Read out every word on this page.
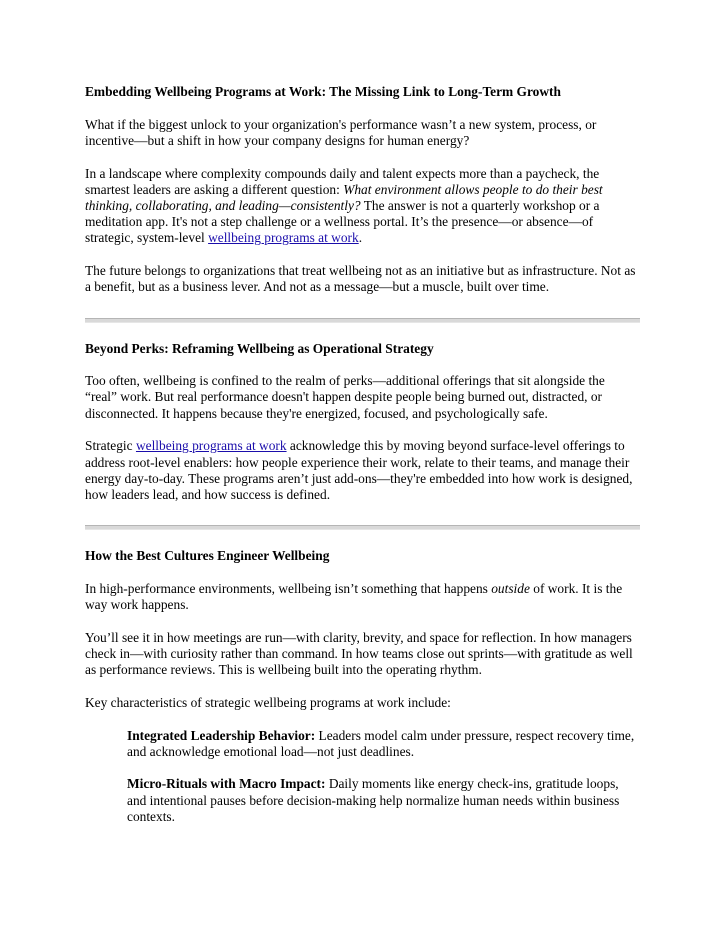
Embedding Wellbeing Programs at Work: The Missing Link to Long-Term Growth

What if the biggest unlock to your organization's performance wasn’t a new system, process, or incentive—but a shift in how your company designs for human energy?

In a landscape where complexity compounds daily and talent expects more than a paycheck, the smartest leaders are asking a different question: What environment allows people to do their best thinking, collaborating, and leading—consistently? The answer is not a quarterly workshop or a meditation app. It's not a step challenge or a wellness portal. It’s the presence—or absence—of strategic, system-level wellbeing programs at work.

The future belongs to organizations that treat wellbeing not as an initiative but as infrastructure. Not as a benefit, but as a business lever. And not as a message—but a muscle, built over time.

Beyond Perks: Reframing Wellbeing as Operational Strategy

Too often, wellbeing is confined to the realm of perks—additional offerings that sit alongside the “real” work. But real performance doesn't happen despite people being burned out, distracted, or disconnected. It happens because they're energized, focused, and psychologically safe.

Strategic wellbeing programs at work acknowledge this by moving beyond surface-level offerings to address root-level enablers: how people experience their work, relate to their teams, and manage their energy day-to-day. These programs aren’t just add-ons—they're embedded into how work is designed, how leaders lead, and how success is defined.

How the Best Cultures Engineer Wellbeing

In high-performance environments, wellbeing isn’t something that happens outside of work. It is the way work happens.

You’ll see it in how meetings are run—with clarity, brevity, and space for reflection. In how managers check in—with curiosity rather than command. In how teams close out sprints—with gratitude as well as performance reviews. This is wellbeing built into the operating rhythm.

Key characteristics of strategic wellbeing programs at work include:

Integrated Leadership Behavior: Leaders model calm under pressure, respect recovery time, and acknowledge emotional load—not just deadlines.

Micro-Rituals with Macro Impact: Daily moments like energy check-ins, gratitude loops, and intentional pauses before decision-making help normalize human needs within business contexts.
